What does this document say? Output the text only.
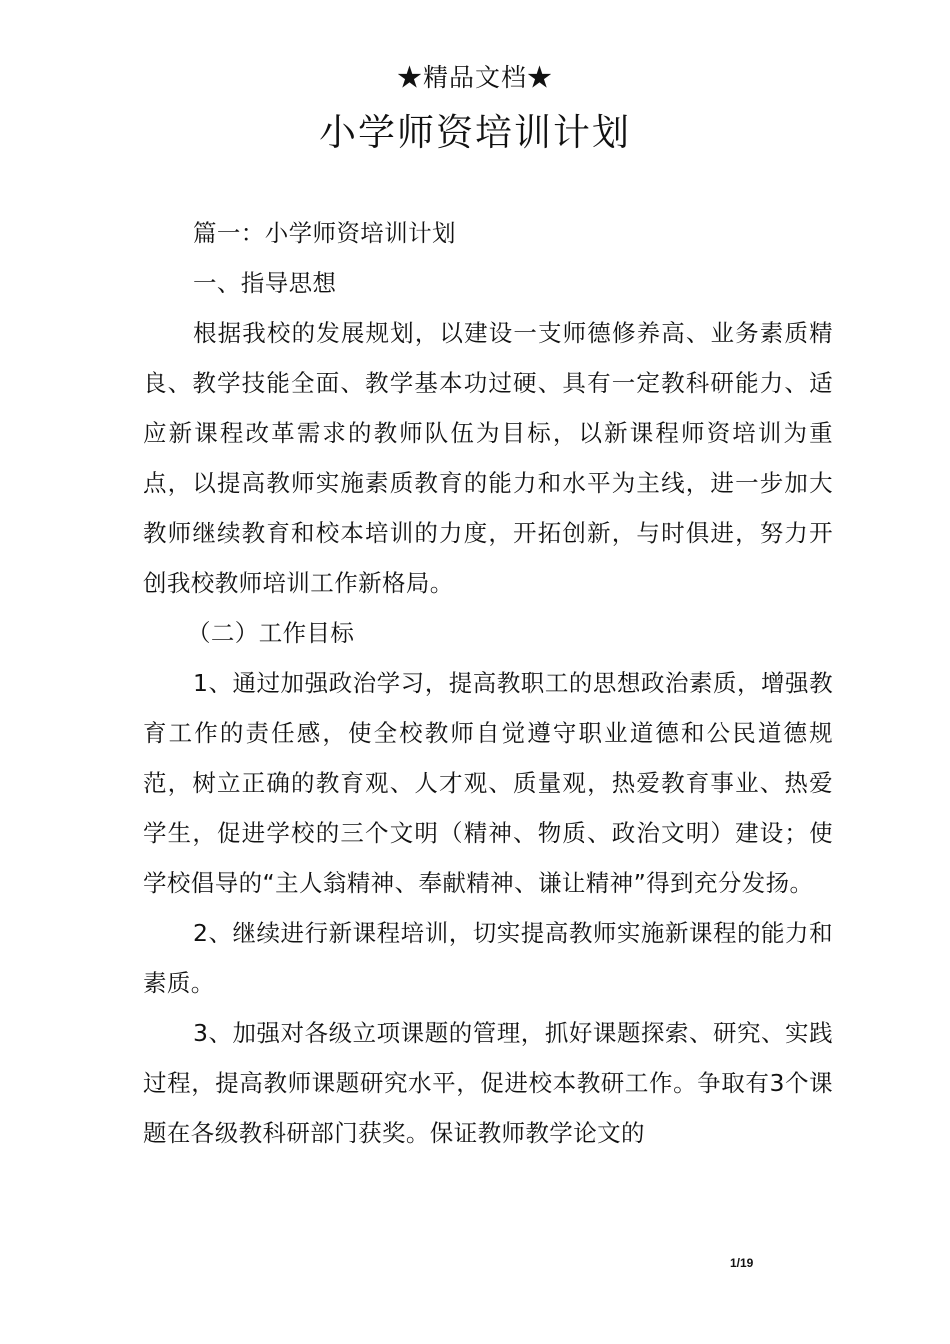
★精品文档★
小学师资培训计划

篇一：小学师资培训计划

一、指导思想

根据我校的发展规划，以建设一支师德修养高、业务素质精良、教学技能全面、教学基本功过硬、具有一定教科研能力、适应新课程改革需求的教师队伍为目标，以新课程师资培训为重点，以提高教师实施素质教育的能力和水平为主线，进一步加大教师继续教育和校本培训的力度，开拓创新，与时俱进，努力开创我校教师培训工作新格局。

（二）工作目标

1、通过加强政治学习，提高教职工的思想政治素质，增强教育工作的责任感，使全校教师自觉遵守职业道德和公民道德规范，树立正确的教育观、人才观、质量观，热爱教育事业、热爱学生，促进学校的三个文明（精神、物质、政治文明）建设；使学校倡导的“主人翁精神、奉献精神、谦让精神”得到充分发扬。

2、继续进行新课程培训，切实提高教师实施新课程的能力和素质。

3、加强对各级立项课题的管理，抓好课题探索、研究、实践过程，提高教师课题研究水平，促进校本教研工作。争取有3个课题在各级教科研部门获奖。保证教师教学论文的

1/19
